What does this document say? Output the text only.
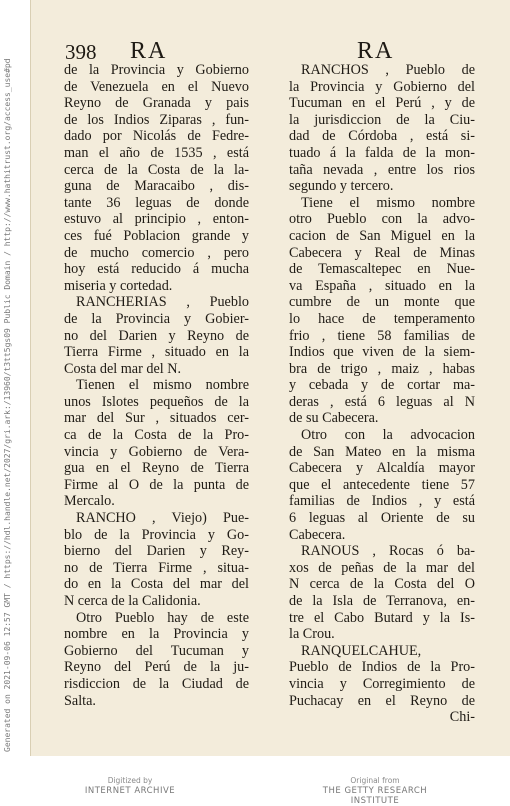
Generated on 2021-09-06 12:57 GMT / https://hdl.handle.net/2027/gri.ark:/13960/t3tt5gs09 Public Domain / http://www.hathitrust.org/access_use#pd
398 RA	RA
de la Provincia y Gobierno
de Venezuela en el Nuevo
Reyno de Granada y pais
de los Indios Ziparas , fun-
dado por Nicolás de Fedre-
man el año de 1535 , está
cerca de la Costa de la la-
guna de Maracaibo , dis-
tante 36 leguas de donde
estuvo al principio , enton-
ces fué Poblacion grande y
de mucho comercio , pero
hoy está reducido á mucha
miseria y cortedad.
RANCHERIAS , Pueblo
de la Provincia y Gobier-
no del Darien y Reyno de
Tierra Firme , situado en la
Costa del mar del N.
Tienen el mismo nombre
unos Islotes pequeños de la
mar del Sur , situados cer-
ca de la Costa de la Pro-
vincia y Gobierno de Vera-
gua en el Reyno de Tierra
Firme al O de la punta de
Mercalo.
RANCHO , Viejo) Pue-
blo de la Provincia y Go-
bierno del Darien y Rey-
no de Tierra Firme , situa-
do en la Costa del mar del
N cerca de la Calidonia.
Otro Pueblo hay de este
nombre en la Provincia y
Gobierno del Tucuman y
Reyno del Perú de la ju-
risdiccion de la Ciudad de
Salta.
RANCHOS , Pueblo de
la Provincia y Gobierno del
Tucuman en el Perú , y de
la jurisdiccion de la Ciu-
dad de Córdoba , está si-
tuado á la falda de la mon-
taña nevada , entre los rios
segundo y tercero.
Tiene el mismo nombre
otro Pueblo con la advo-
cacion de San Miguel en la
Cabecera y Real de Minas
de Temascaltepec en Nue-
va España , situado en la
cumbre de un monte que
lo hace de temperamento
frio , tiene 58 familias de
Indios que viven de la siem-
bra de trigo , maiz , habas
y cebada y de cortar ma-
deras , está 6 leguas al N
de su Cabecera.
Otro con la advocacion
de San Mateo en la misma
Cabecera y Alcaldía mayor
que el antecedente tiene 57
familias de Indios , y está
6 leguas al Oriente de su
Cabecera.
RANOUS , Rocas ó ba-
xos de peñas de la mar del
N cerca de la Costa del O
de la Isla de Terranova, en-
tre el Cabo Butard y la Is-
la Crou.
RANQUELCAHUE,
Pueblo de Indios de la Pro-
vincia y Corregimiento de
Puchacay en el Reyno de
Chi-
Digitized by
INTERNET ARCHIVE
Original from
THE GETTY RESEARCH INSTITUTE
